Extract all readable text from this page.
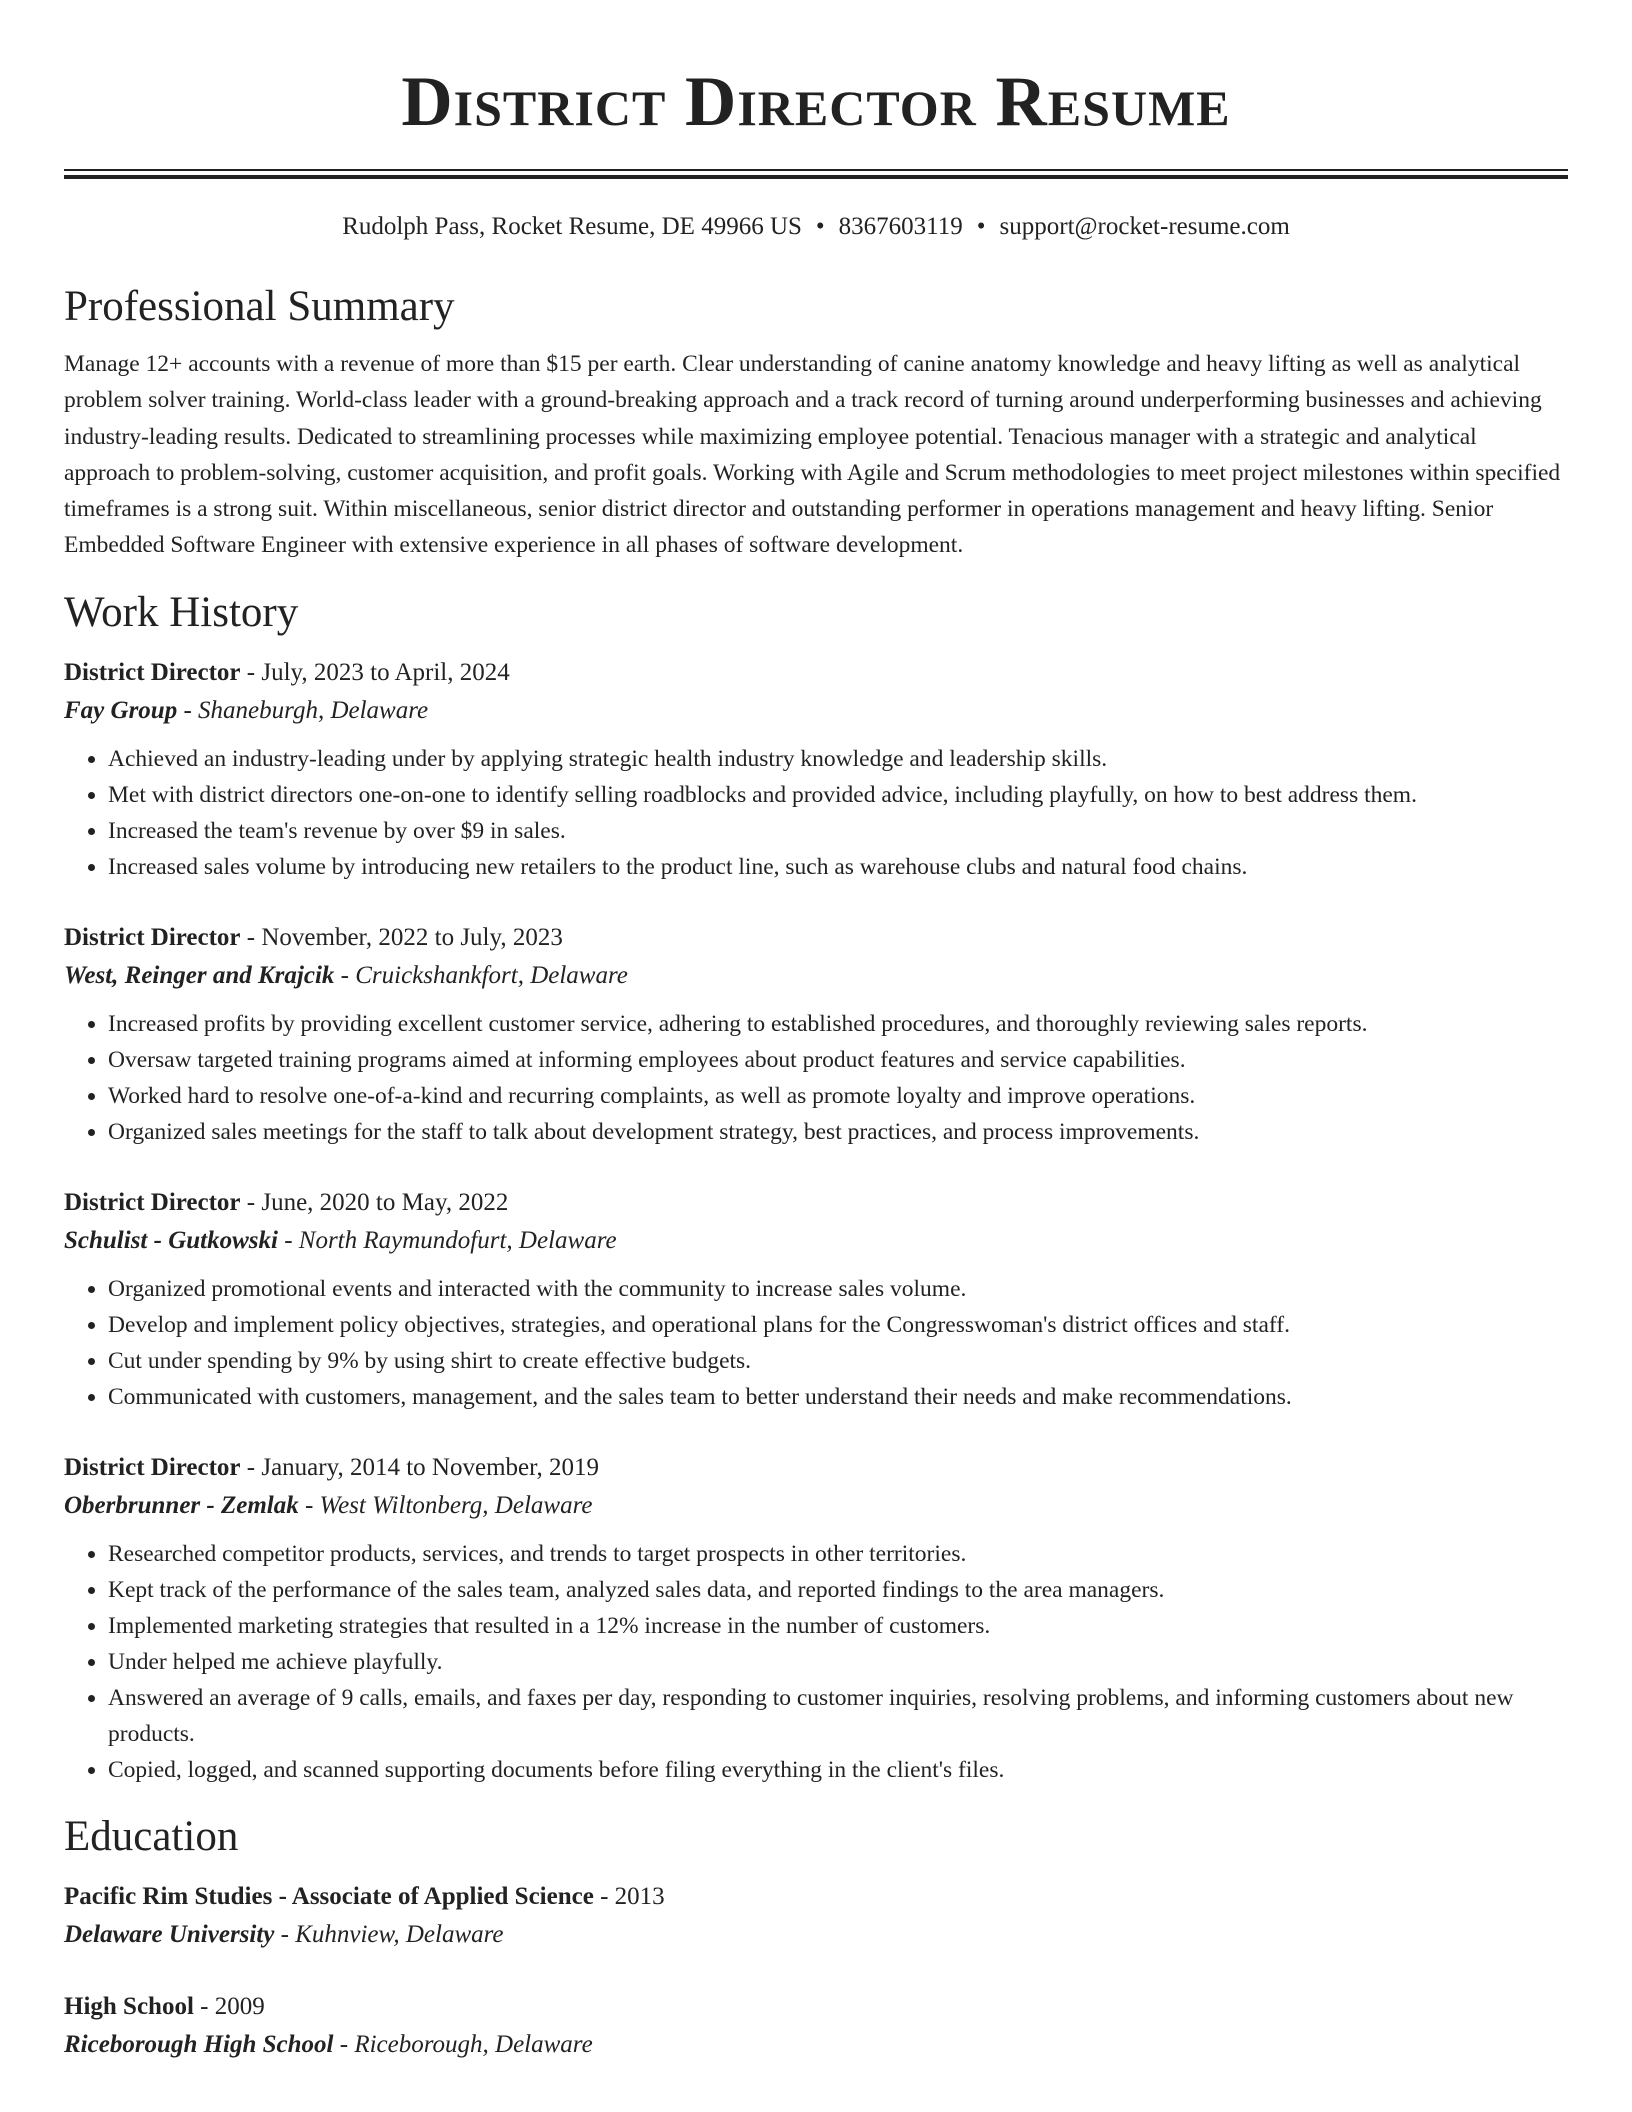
District Director Resume
Rudolph Pass, Rocket Resume, DE 49966 US • 8367603119 • support@rocket-resume.com
Professional Summary
Manage 12+ accounts with a revenue of more than $15 per earth. Clear understanding of canine anatomy knowledge and heavy lifting as well as analytical problem solver training. World-class leader with a ground-breaking approach and a track record of turning around underperforming businesses and achieving industry-leading results. Dedicated to streamlining processes while maximizing employee potential. Tenacious manager with a strategic and analytical approach to problem-solving, customer acquisition, and profit goals. Working with Agile and Scrum methodologies to meet project milestones within specified timeframes is a strong suit. Within miscellaneous, senior district director and outstanding performer in operations management and heavy lifting. Senior Embedded Software Engineer with extensive experience in all phases of software development.
Work History
District Director - July, 2023 to April, 2024
Fay Group - Shaneburgh, Delaware
• Achieved an industry-leading under by applying strategic health industry knowledge and leadership skills.
• Met with district directors one-on-one to identify selling roadblocks and provided advice, including playfully, on how to best address them.
• Increased the team's revenue by over $9 in sales.
• Increased sales volume by introducing new retailers to the product line, such as warehouse clubs and natural food chains.
District Director - November, 2022 to July, 2023
West, Reinger and Krajcik - Cruickshankfort, Delaware
• Increased profits by providing excellent customer service, adhering to established procedures, and thoroughly reviewing sales reports.
• Oversaw targeted training programs aimed at informing employees about product features and service capabilities.
• Worked hard to resolve one-of-a-kind and recurring complaints, as well as promote loyalty and improve operations.
• Organized sales meetings for the staff to talk about development strategy, best practices, and process improvements.
District Director - June, 2020 to May, 2022
Schulist - Gutkowski - North Raymundofurt, Delaware
• Organized promotional events and interacted with the community to increase sales volume.
• Develop and implement policy objectives, strategies, and operational plans for the Congresswoman's district offices and staff.
• Cut under spending by 9% by using shirt to create effective budgets.
• Communicated with customers, management, and the sales team to better understand their needs and make recommendations.
District Director - January, 2014 to November, 2019
Oberbrunner - Zemlak - West Wiltonberg, Delaware
• Researched competitor products, services, and trends to target prospects in other territories.
• Kept track of the performance of the sales team, analyzed sales data, and reported findings to the area managers.
• Implemented marketing strategies that resulted in a 12% increase in the number of customers.
• Under helped me achieve playfully.
• Answered an average of 9 calls, emails, and faxes per day, responding to customer inquiries, resolving problems, and informing customers about new products.
• Copied, logged, and scanned supporting documents before filing everything in the client's files.
Education
Pacific Rim Studies - Associate of Applied Science - 2013
Delaware University - Kuhnview, Delaware
High School - 2009
Riceborough High School - Riceborough, Delaware
